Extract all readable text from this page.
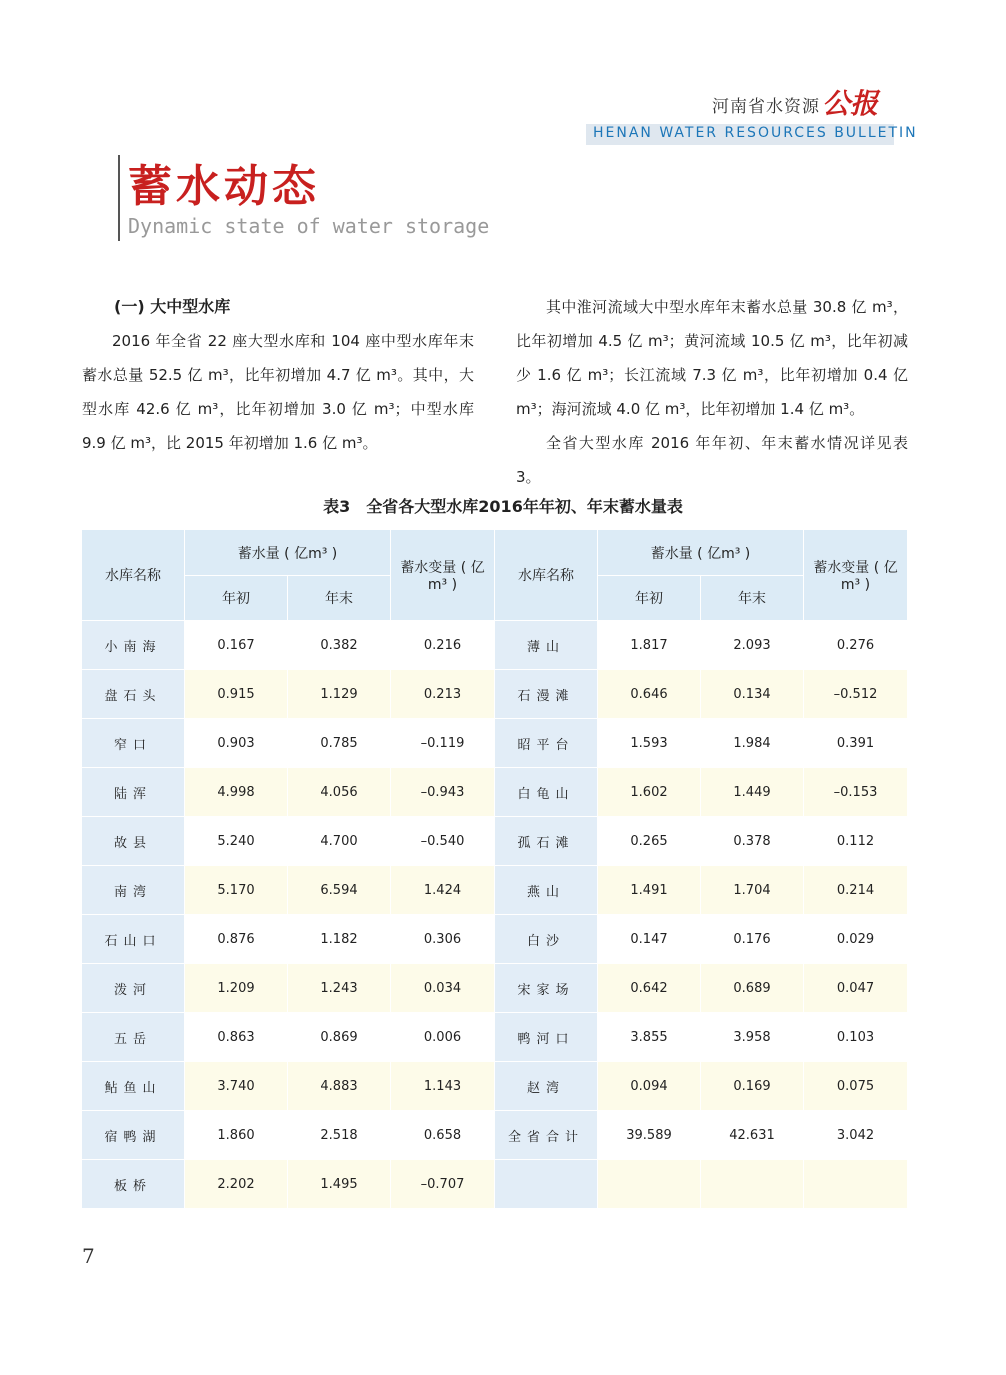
河南省水资源 公报
HENAN WATER RESOURCES BULLETIN
蓄水动态
Dynamic state of water storage

(一) 大中型水库

2016 年全省 22 座大型水库和 104 座中型水库年末蓄水总量 52.5 亿 m³，比年初增加 4.7 亿 m³。其中，大型水库 42.6 亿 m³，比年初增加 3.0 亿 m³；中型水库 9.9 亿 m³，比 2015 年初增加 1.6 亿 m³。

其中淮河流域大中型水库年末蓄水总量 30.8 亿 m³，比年初增加 4.5 亿 m³；黄河流域 10.5 亿 m³，比年初减少 1.6 亿 m³；长江流域 7.3 亿 m³，比年初增加 0.4 亿 m³；海河流域 4.0 亿 m³，比年初增加 1.4 亿 m³。

全省大型水库 2016 年年初、年末蓄水情况详见表 3。

表3　全省各大型水库2016年年初、年末蓄水量表
水库名称	蓄水量 ( 亿m³ )		蓄水变量 ( 亿m³ )	水库名称	蓄水量 ( 亿m³ )		蓄水变量 ( 亿m³ )
	年初	年末			年初	年末	
小南海	0.167	0.382	0.216	薄山	1.817	2.093	0.276
盘石头	0.915	1.129	0.213	石漫滩	0.646	0.134	–0.512
窄口	0.903	0.785	–0.119	昭平台	1.593	1.984	0.391
陆浑	4.998	4.056	–0.943	白龟山	1.602	1.449	–0.153
故县	5.240	4.700	–0.540	孤石滩	0.265	0.378	0.112
南湾	5.170	6.594	1.424	燕山	1.491	1.704	0.214
石山口	0.876	1.182	0.306	白沙	0.147	0.176	0.029
泼河	1.209	1.243	0.034	宋家场	0.642	0.689	0.047
五岳	0.863	0.869	0.006	鸭河口	3.855	3.958	0.103
鲇鱼山	3.740	4.883	1.143	赵湾	0.094	0.169	0.075
宿鸭湖	1.860	2.518	0.658	全省合计	39.589	42.631	3.042
板桥	2.202	1.495	–0.707				
7
